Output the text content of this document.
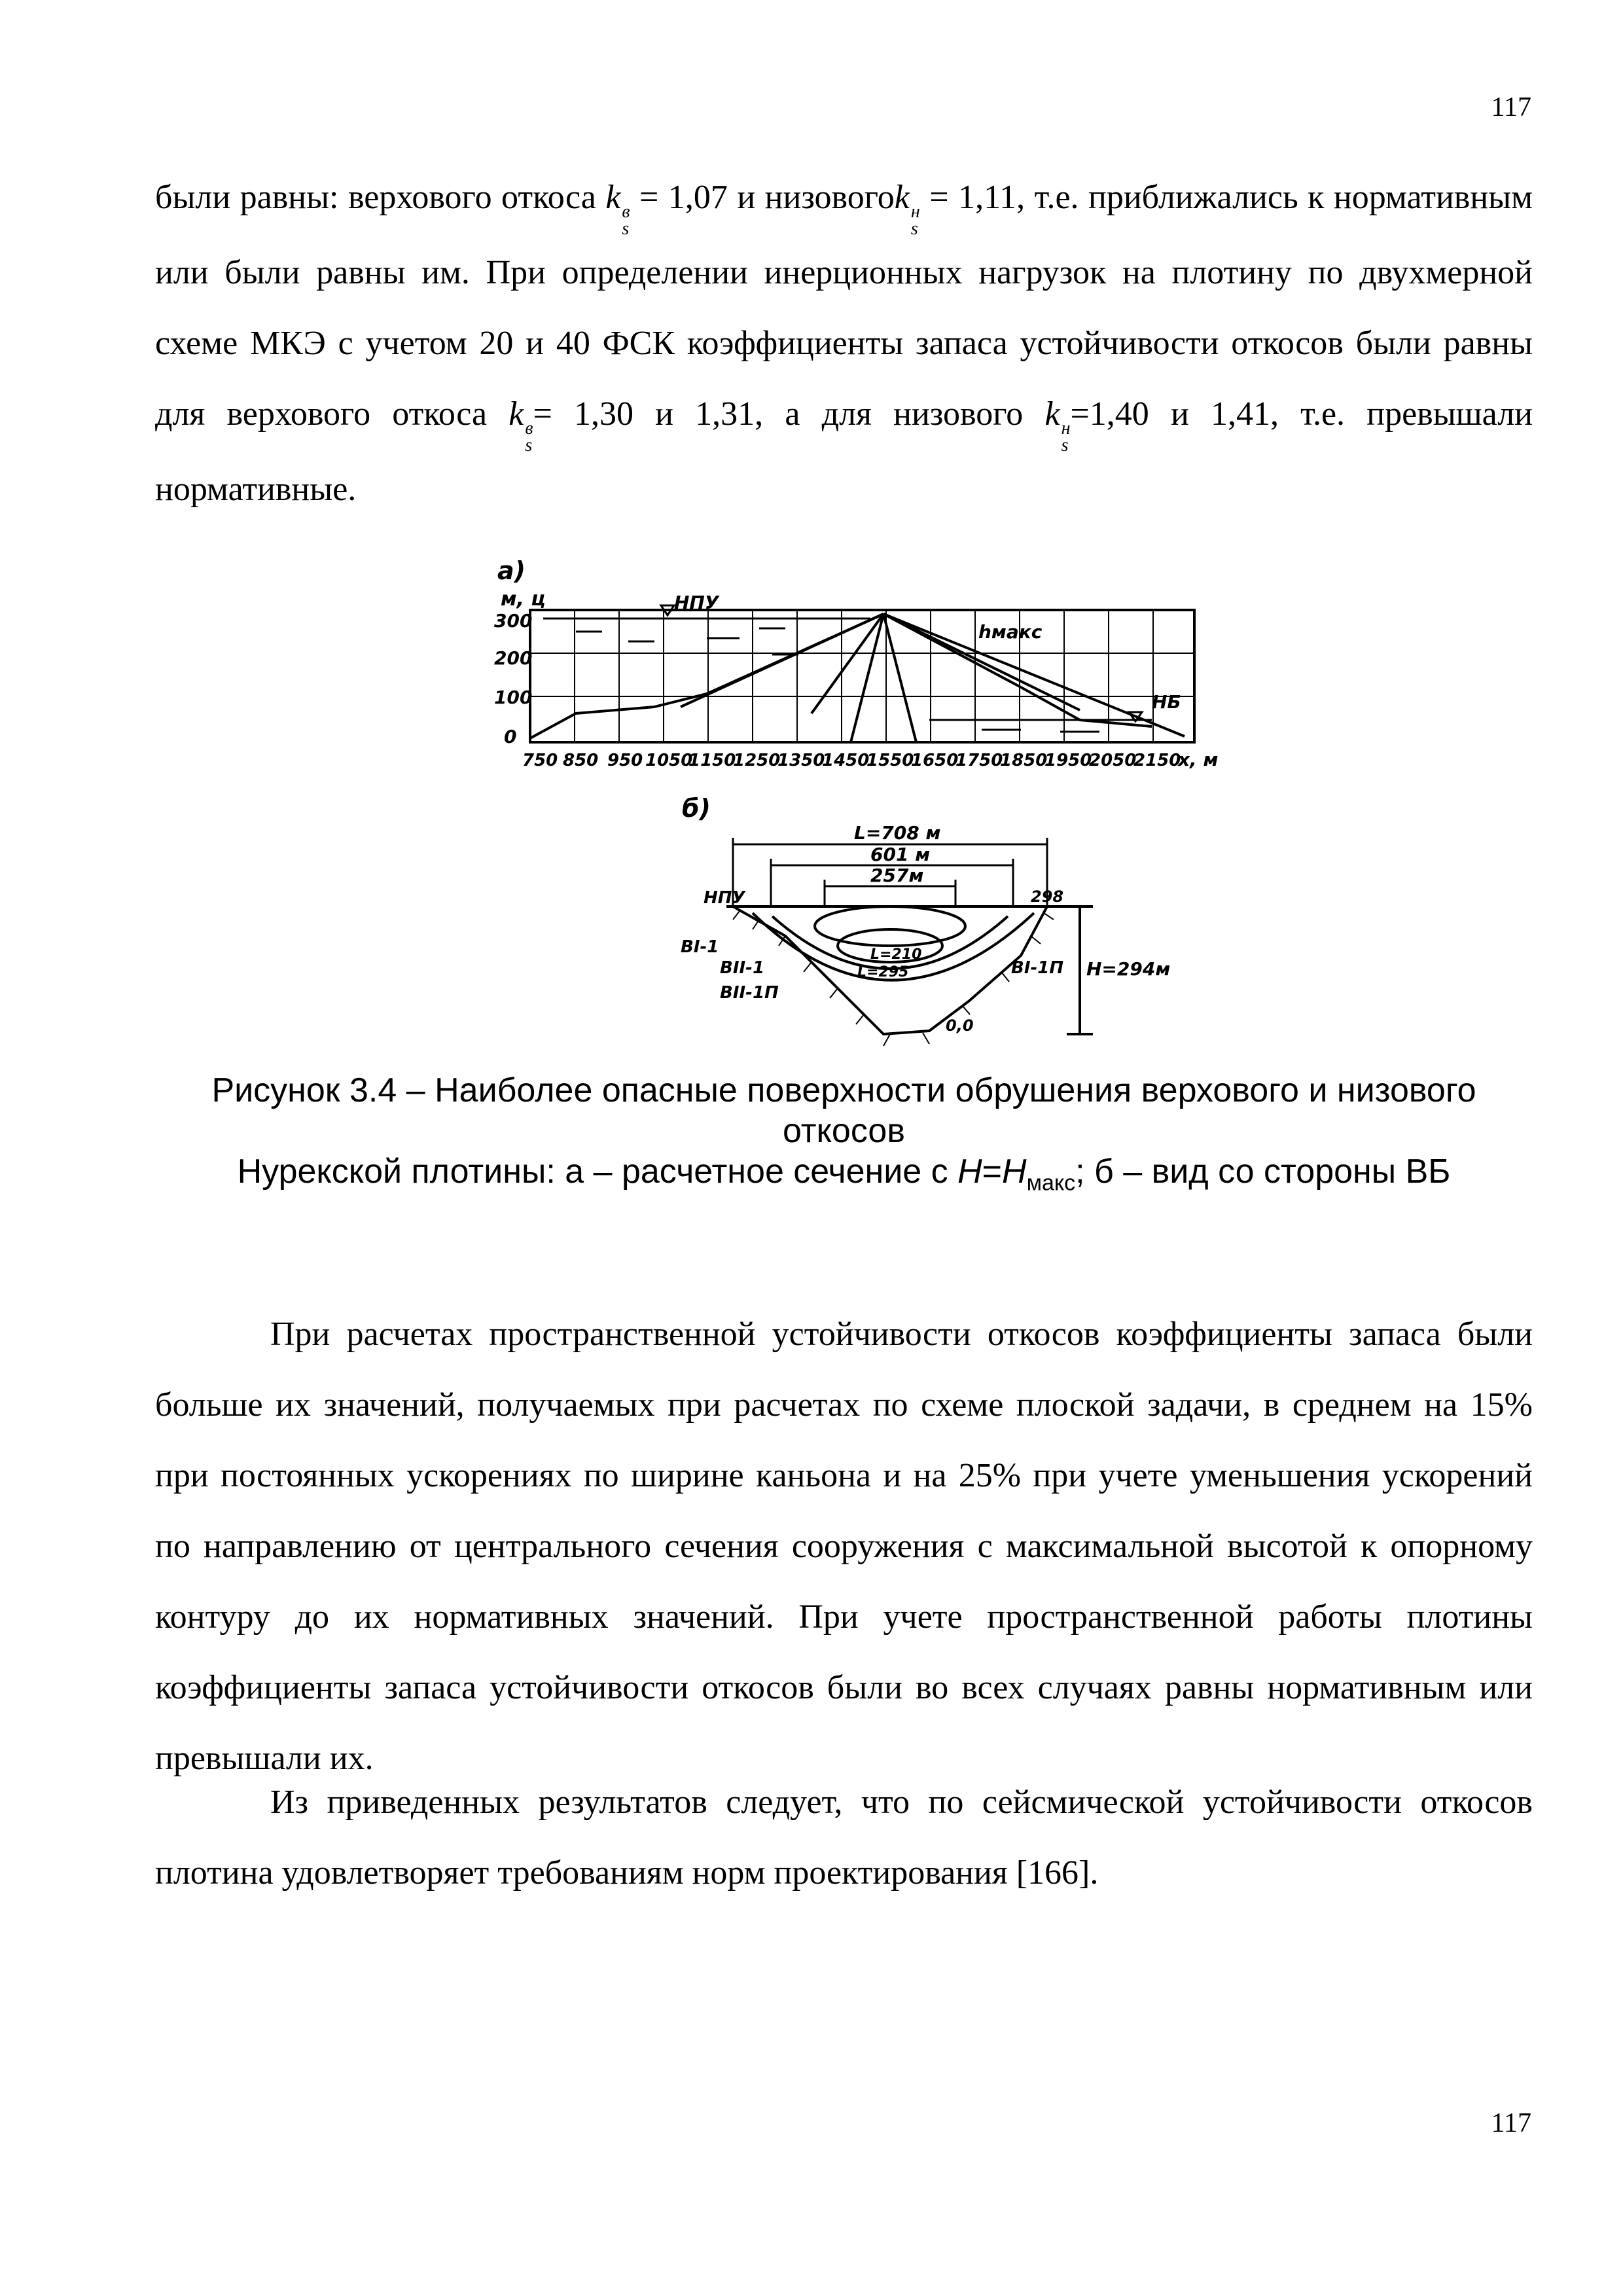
117

были равны: верхового откоса k в
s
= 1,07 и низовогоk н
s
= 1,11, т.е. приближались к нормативным или были равны им. При определении инерционных нагрузок на плотину по двухмерной схеме МКЭ с учетом 20 и 40 ФСК коэффициенты запаса устойчивости откосов были равны для верхового откоса k в
s
= 1,30 и 1,31, а для низового k н
s
=1,40 и 1,41, т.е. превышали нормативные.

а)
м, ц
300
200
100
0
НПУ
hмакс
НБ
750 850 950 1050
1150
1250
1350
1450
1550
1650
1750
1850
1950
2050
2150
x, м
б)
L=708 м
601 м
257м
НПУ	298
H=294м
ВI-1
ВII-1
ВII-1П
ВI-1П
L=210
L=295
0,0
Рисунок 3.4 – Наиболее опасные поверхности обрушения верхового и низового откосов
Нурекской плотины: а – расчетное сечение с $H=H_{макс}$; б – вид со стороны ВБ

При расчетах пространственной устойчивости откосов коэффициенты запаса были больше их значений, получаемых при расчетах по схеме плоской задачи, в среднем на 15% при постоянных ускорениях по ширине каньона и на 25% при учете уменьшения ускорений по направлению от центрального сечения сооружения с максимальной высотой к опорному контуру до их нормативных значений. При учете пространственной работы плотины коэффициенты запаса устойчивости откосов были во всех случаях равны нормативным или превышали их.

Из приведенных результатов следует, что по сейсмической устойчивости откосов плотина удовлетворяет требованиям норм проектирования [166].

117
